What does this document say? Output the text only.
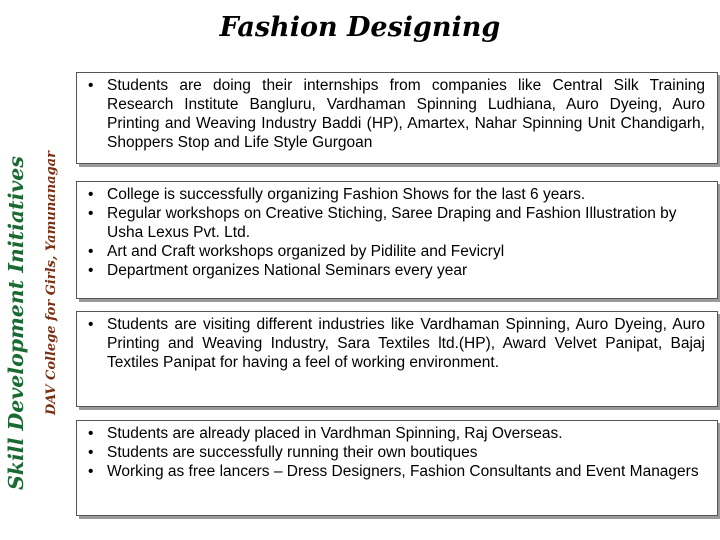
Fashion Designing
Skill Development Initiatives DAV College for Girls, Yamunanagar
• Students are doing their internships from companies like Central Silk Training Research Institute Bangluru, Vardhaman Spinning Ludhiana, Auro Dyeing, Auro Printing and Weaving Industry Baddi (HP), Amartex, Nahar Spinning Unit Chandigarh, Shoppers Stop and Life Style Gurgoan
• College is successfully organizing Fashion Shows for the last 6 years.
• Regular workshops on Creative Stiching, Saree Draping and Fashion Illustration by Usha Lexus Pvt. Ltd.
• Art and Craft workshops organized by Pidilite and Fevicryl
• Department organizes National Seminars every year
• Students are visiting different industries like Vardhaman Spinning, Auro Dyeing, Auro Printing and Weaving Industry, Sara Textiles ltd.(HP), Award Velvet Panipat, Bajaj Textiles Panipat for having a feel of working environment.
• Students are already placed in Vardhman Spinning, Raj Overseas.
• Students are successfully running their own boutiques
• Working as free lancers – Dress Designers, Fashion Consultants and Event Managers
